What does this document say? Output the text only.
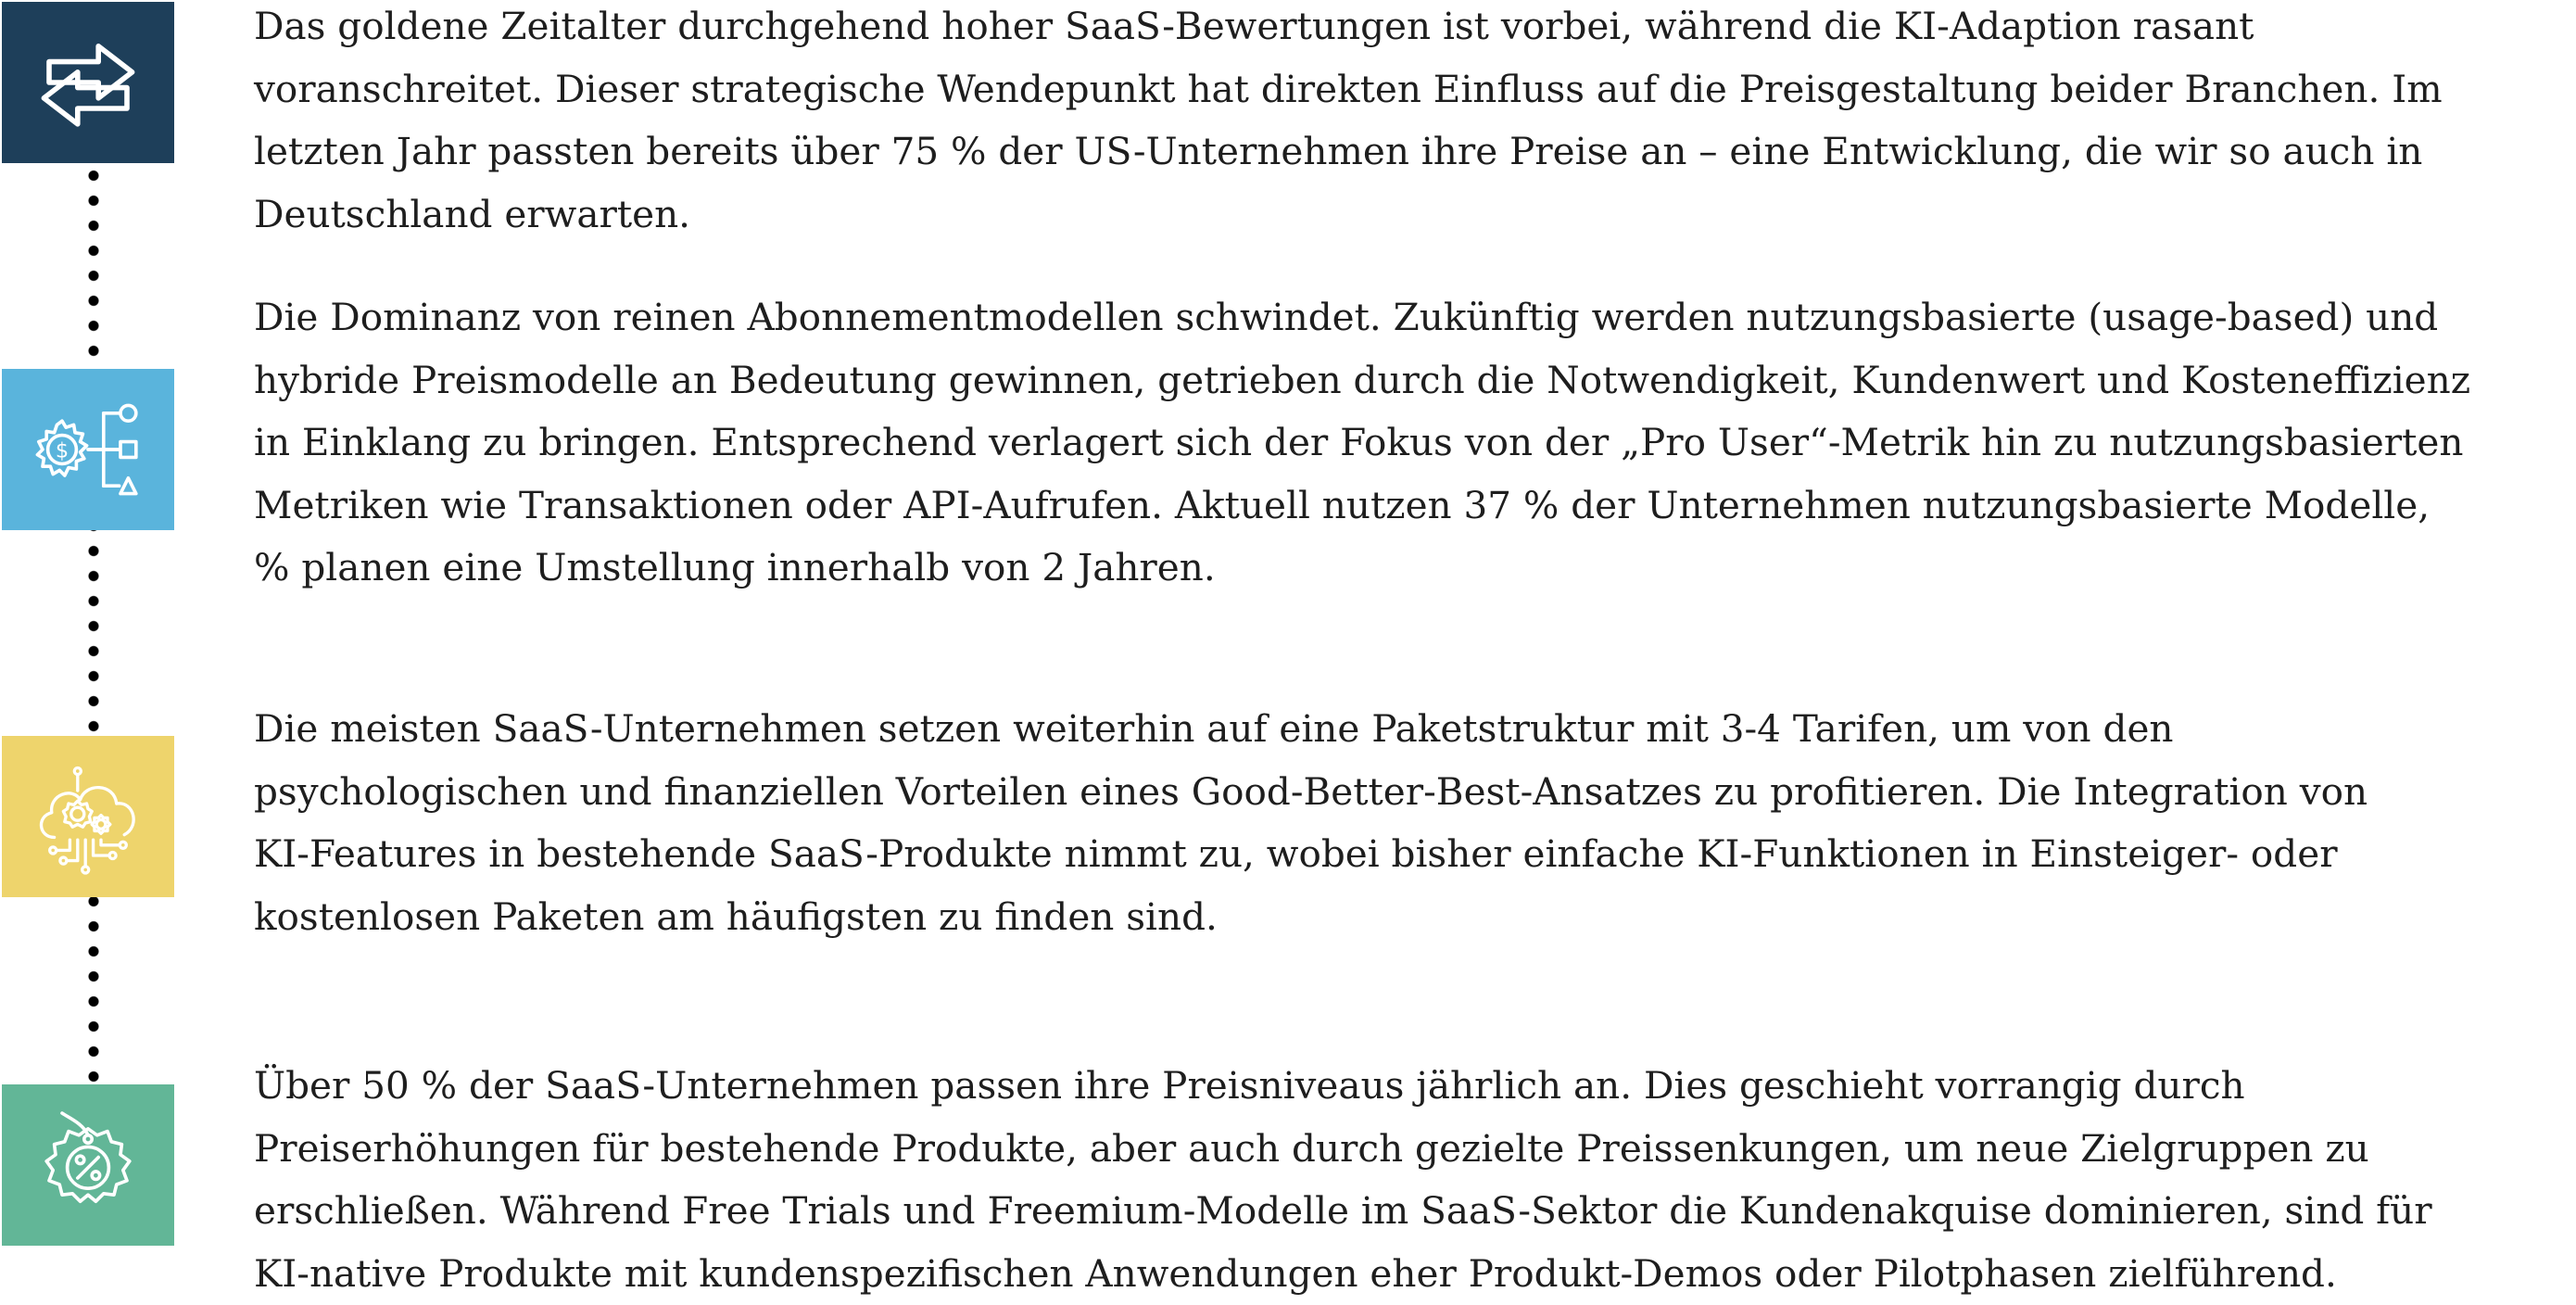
$
Das goldene Zeitalter durchgehend hoher SaaS-Bewertungen ist vorbei, während die KI-Adaption rasant
voranschreitet. Dieser strategische Wendepunkt hat direkten Einfluss auf die Preisgestaltung beider Branchen. Im
letzten Jahr passten bereits über 75 % der US-Unternehmen ihre Preise an – eine Entwicklung, die wir so auch in
Deutschland erwarten.
Die Dominanz von reinen Abonnementmodellen schwindet. Zukünftig werden nutzungsbasierte (usage-based) und
hybride Preismodelle an Bedeutung gewinnen, getrieben durch die Notwendigkeit, Kundenwert und Kosteneffizienz
in Einklang zu bringen. Entsprechend verlagert sich der Fokus von der „Pro User“-Metrik hin zu nutzungsbasierten
Metriken wie Transaktionen oder API-Aufrufen. Aktuell nutzen 37 % der Unternehmen nutzungsbasierte Modelle,
% planen eine Umstellung innerhalb von 2 Jahren.
Die meisten SaaS-Unternehmen setzen weiterhin auf eine Paketstruktur mit 3-4 Tarifen, um von den
psychologischen und finanziellen Vorteilen eines Good-Better-Best-Ansatzes zu profitieren. Die Integration von
KI-Features in bestehende SaaS-Produkte nimmt zu, wobei bisher einfache KI-Funktionen in Einsteiger- oder
kostenlosen Paketen am häufigsten zu finden sind.
Über 50 % der SaaS-Unternehmen passen ihre Preisniveaus jährlich an. Dies geschieht vorrangig durch
Preiserhöhungen für bestehende Produkte, aber auch durch gezielte Preissenkungen, um neue Zielgruppen zu
erschließen. Während Free Trials und Freemium-Modelle im SaaS-Sektor die Kundenakquise dominieren, sind für
KI-native Produkte mit kundenspezifischen Anwendungen eher Produkt-Demos oder Pilotphasen zielführend.
